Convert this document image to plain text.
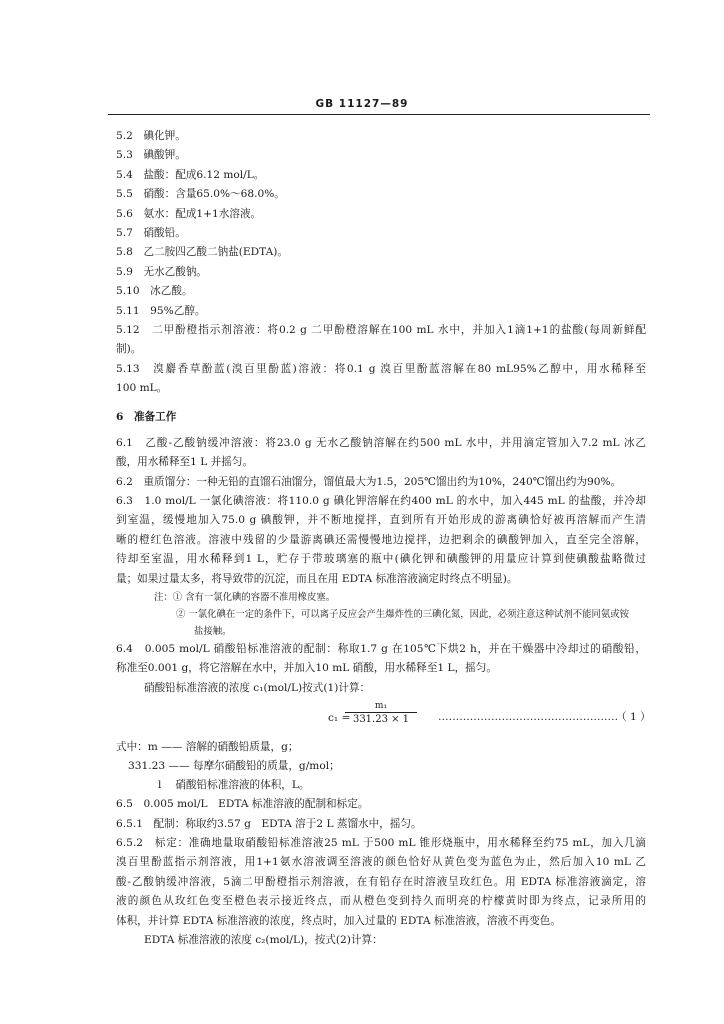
GB 11127—89
5.2　碘化钾。
5.3　碘酸钾。
5.4　盐酸：配成6.12 mol/L。
5.5　硝酸：含量65.0%～68.0%。
5.6　氨水：配成1+1水溶液。
5.7　硝酸铅。
5.8　乙二胺四乙酸二钠盐(EDTA)。
5.9　无水乙酸钠。
5.10　冰乙酸。
5.11　95%乙醇。
5.12　二甲酚橙指示剂溶液：将0.2 g 二甲酚橙溶解在100 mL 水中，并加入1滴1+1的盐酸(每周新鲜配
制)。
5.13　溴麝香草酚蓝(溴百里酚蓝)溶液：将0.1 g 溴百里酚蓝溶解在80 mL95%乙醇中，用水稀释至
100 mL。
6　准备工作
6.1　乙酸-乙酸钠缓冲溶液：将23.0 g 无水乙酸钠溶解在约500 mL 水中，并用滴定管加入7.2 mL 冰乙
酸，用水稀释至1 L 并摇匀。
6.2　重质馏分：一种无铅的直馏石油馏分，馏值最大为1.5，205℃馏出约为10%，240℃馏出约为90%。
6.3　1.0 mol/L 一氯化碘溶液：将110.0 g 碘化钾溶解在约400 mL 的水中，加入445 mL 的盐酸，并冷却
到室温，缓慢地加入75.0 g 碘酸钾，并不断地搅拌，直到所有开始形成的游离碘恰好被再溶解而产生清
晰的橙红色溶液。溶液中残留的少量游离碘还需慢慢地边搅拌，边把剩余的碘酸钾加入，直至完全溶解，
待却至室温，用水稀释到1 L，贮存于带玻璃塞的瓶中(碘化钾和碘酸钾的用量应计算到使碘酸盐略微过
量；如果过量太多，将导致带的沉淀，而且在用 EDTA 标准溶液滴定时终点不明显)。
注：① 含有一氯化碘的容器不准用橡皮塞。
② 一氯化碘在一定的条件下，可以离子反应会产生爆炸性的三碘化氮，因此，必须注意这种试剂不能同氨或铵
盐接触。
6.4　0.005 mol/L 硝酸铅标准溶液的配制：称取1.7 g 在105℃下烘2 h，并在干燥器中冷却过的硝酸铅，
称准至0.001 g，将它溶解在水中，并加入10 mL 硝酸，用水稀释至1 L，摇匀。
硝酸铅标准溶液的浓度 c₁(mol/L)按式(1)计算：
c₁ =
m₁
331.23 × 1	……………………………………………
（ 1 ）
式中：m —— 溶解的硝酸铅质量，g；
331.23 —— 每摩尔硝酸铅的质量，g/mol；
l　 硝酸铅标准溶液的体积，L。
6.5　0.005 mol/L　EDTA 标准溶液的配制和标定。
6.5.1　配制：称取约3.57 g　EDTA 溶于2 L 蒸馏水中，摇匀。
6.5.2　标定：准确地量取硝酸铅标准溶液25 mL 于500 mL 锥形烧瓶中，用水稀释至约75 mL，加入几滴
溴百里酚蓝指示剂溶液，用1+1氨水溶液调至溶液的颜色恰好从黄色变为蓝色为止，然后加入10 mL 乙
酸-乙酸钠缓冲溶液，5滴二甲酚橙指示剂溶液，在有铅存在时溶液呈玫红色。用 EDTA 标准溶液滴定，溶
液的颜色从玫红色变至橙色表示接近终点，而从橙色变到持久而明亮的柠檬黄时即为终点，记录所用的
体积，并计算 EDTA 标准溶液的浓度，终点时，加入过量的 EDTA 标准溶液，溶液不再变色。
EDTA 标准溶液的浓度 c₂(mol/L)，按式(2)计算：
